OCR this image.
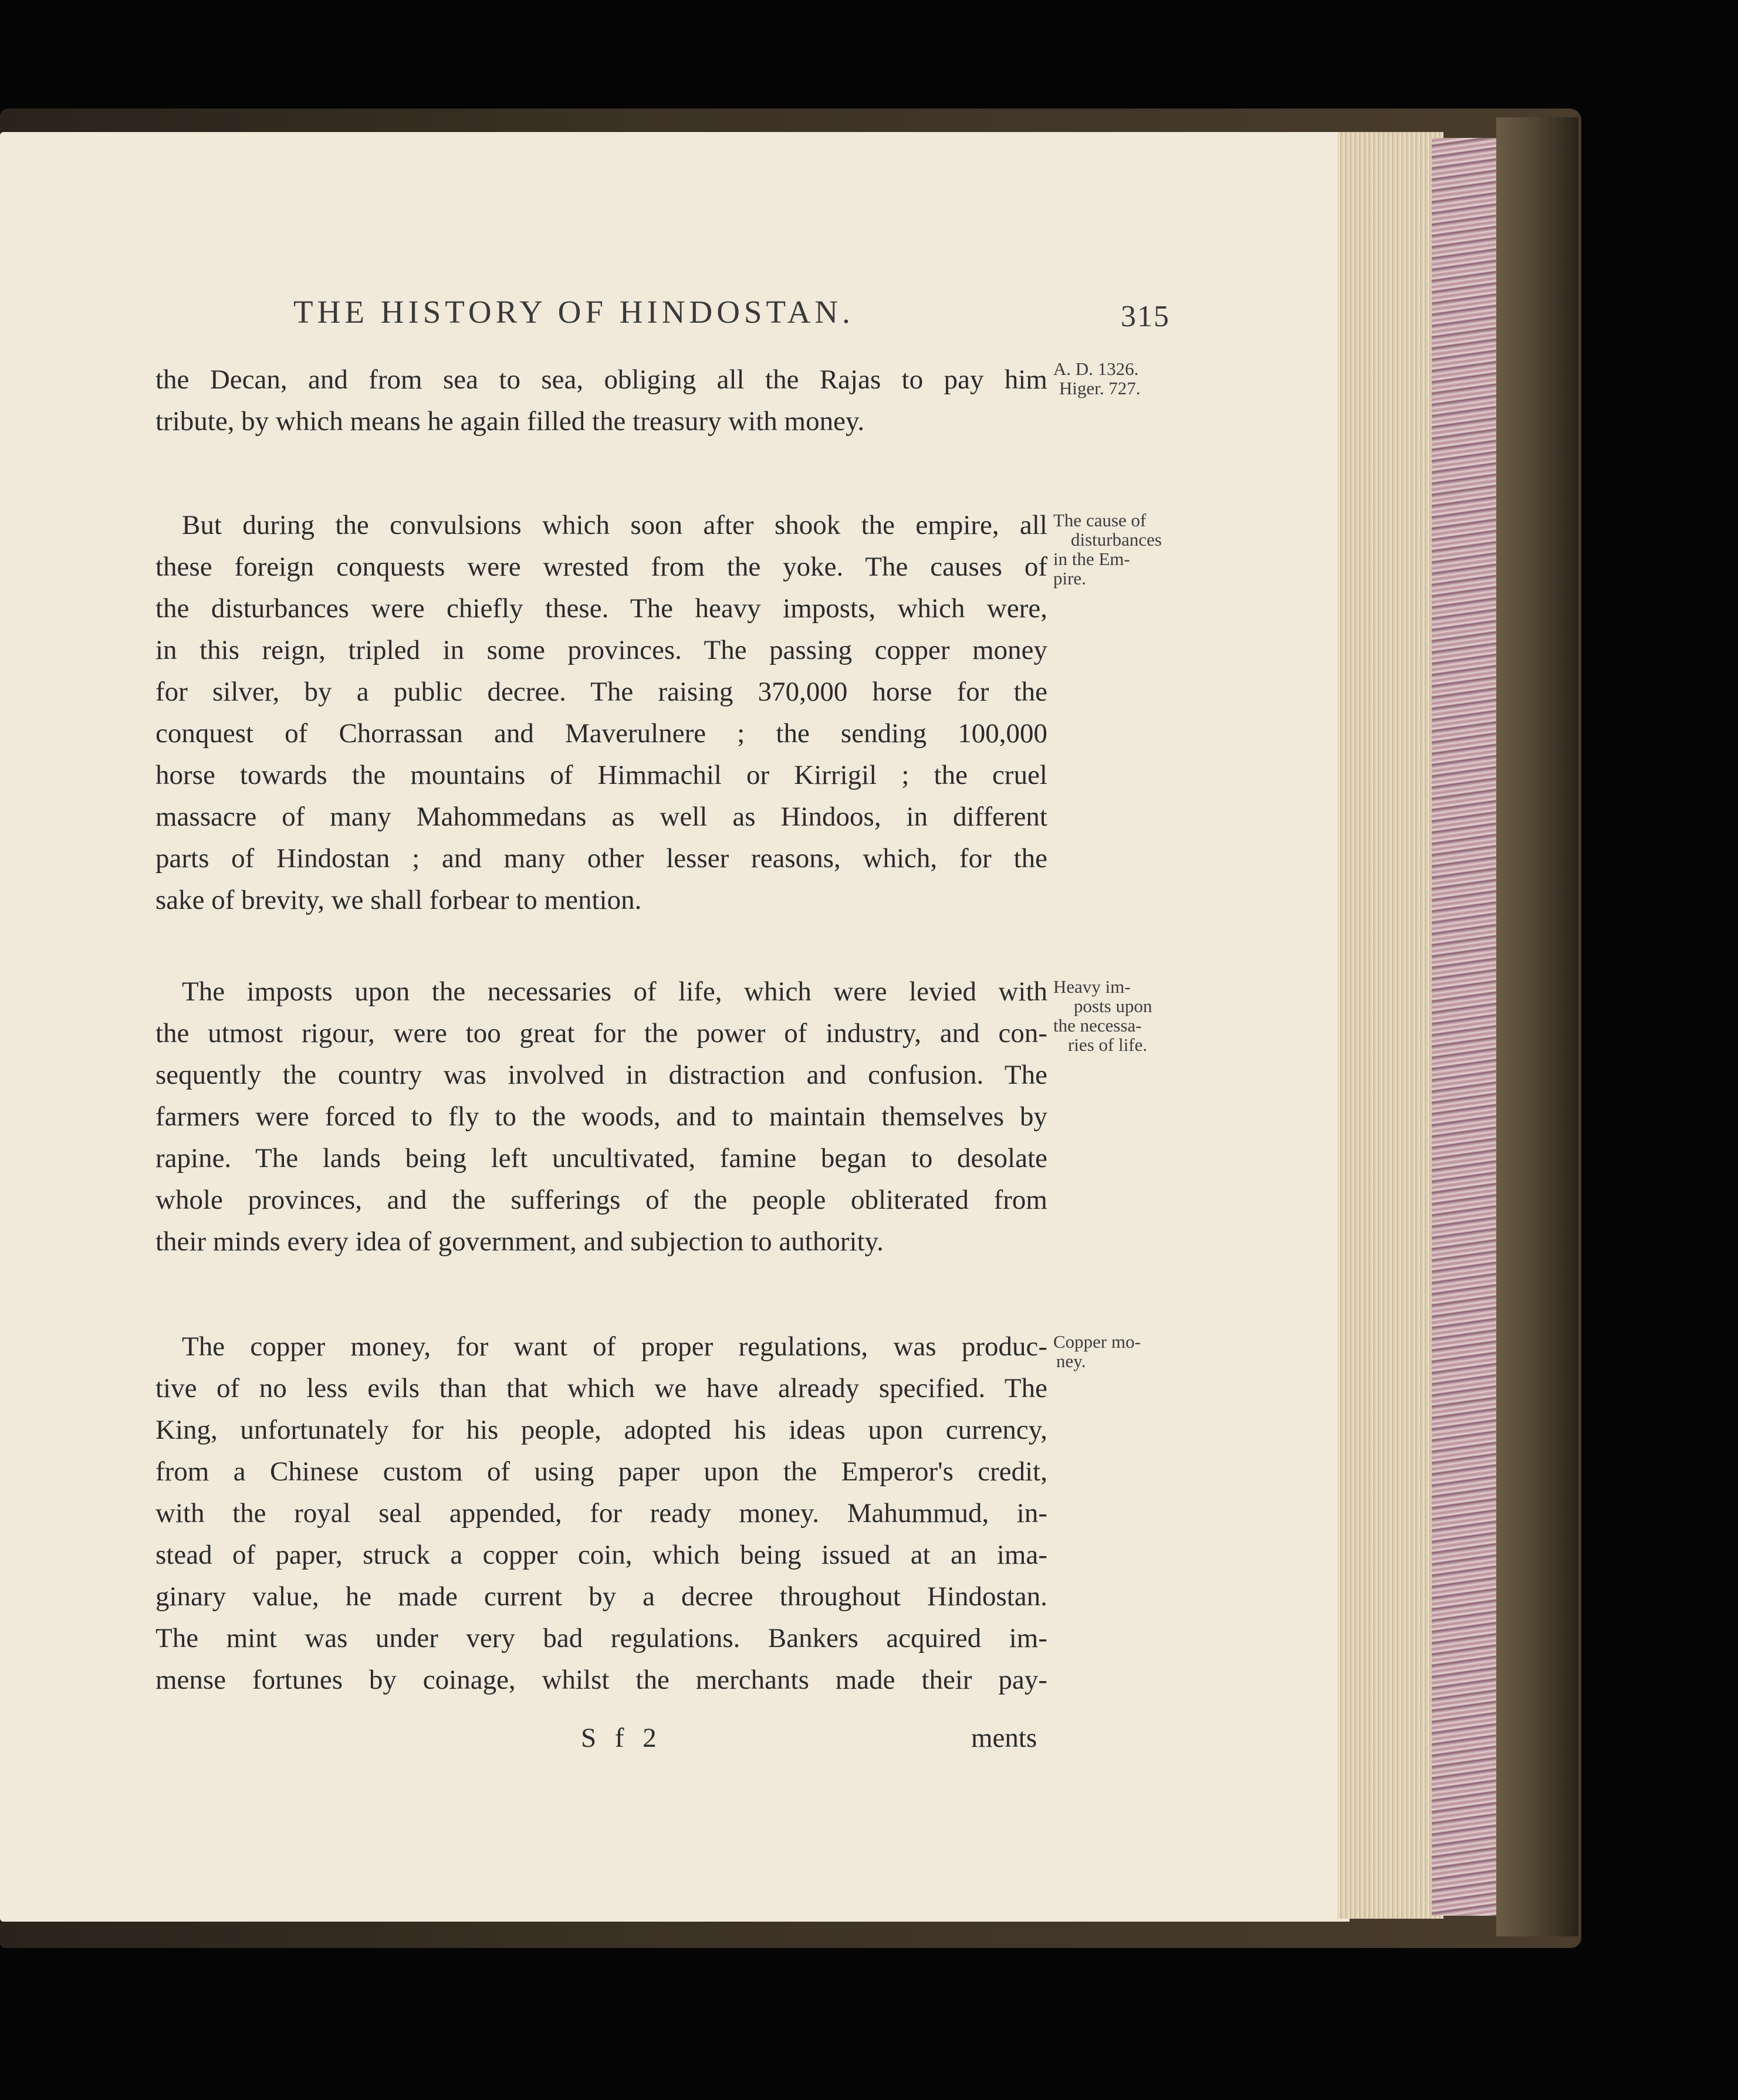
THE HISTORY OF HINDOSTAN.	315
the Decan, and from sea to sea, obliging all the Rajas to pay him
tribute, by which means he again filled the treasury with money.
A. D. 1326.
Higer. 727.
But during the convulsions which soon after shook the empire, all
these foreign conquests were wrested from the yoke. The causes of
the disturbances were chiefly these. The heavy imposts, which were,
in this reign, tripled in some provinces. The passing copper money
for silver, by a public decree. The raising 370,000 horse for the
conquest of Chorrassan and Maverulnere ; the sending 100,000
horse towards the mountains of Himmachil or Kirrigil ; the cruel
massacre of many Mahommedans as well as Hindoos, in different
parts of Hindostan ; and many other lesser reasons, which, for the
sake of brevity, we shall forbear to mention.
The cause of
disturbances
in the Em-
pire.
The imposts upon the necessaries of life, which were levied with
the utmost rigour, were too great for the power of industry, and con-
sequently the country was involved in distraction and confusion. The
farmers were forced to fly to the woods, and to maintain themselves by
rapine. The lands being left uncultivated, famine began to desolate
whole provinces, and the sufferings of the people obliterated from
their minds every idea of government, and subjection to authority.
Heavy im-
posts upon
the necessa-
ries of life.
The copper money, for want of proper regulations, was produc-
tive of no less evils than that which we have already specified. The
King, unfortunately for his people, adopted his ideas upon currency,
from a Chinese custom of using paper upon the Emperor's credit,
with the royal seal appended, for ready money. Mahummud, in-
stead of paper, struck a copper coin, which being issued at an ima-
ginary value, he made current by a decree throughout Hindostan.
The mint was under very bad regulations. Bankers acquired im-
mense fortunes by coinage, whilst the merchants made their pay-
Copper mo-
ney.
S f 2	ments
